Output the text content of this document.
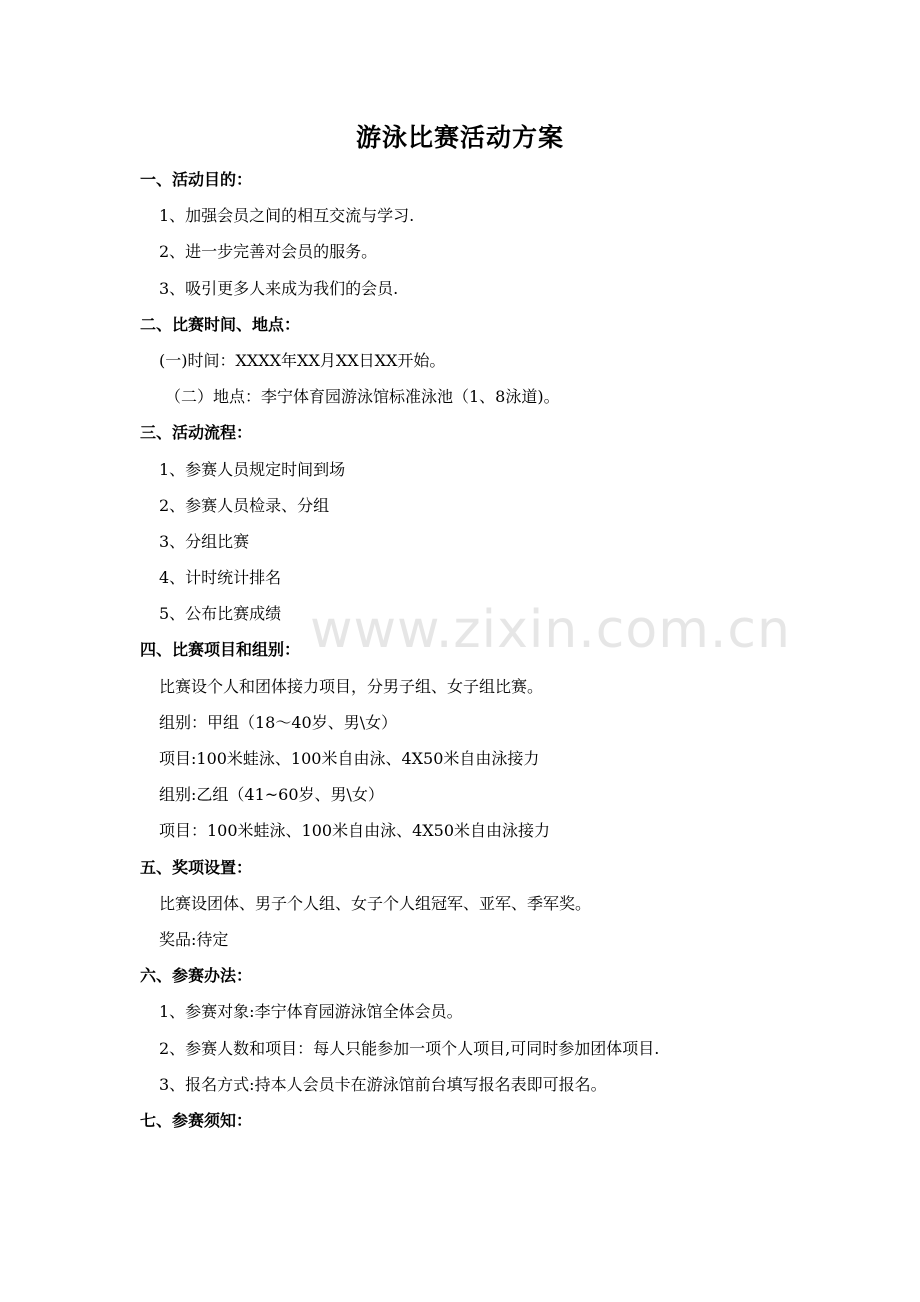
www.zixin.com.cn
游泳比赛活动方案
一、活动目的：
1、加强会员之间的相互交流与学习.
2、进一步完善对会员的服务。
3、吸引更多人来成为我们的会员.
二、比赛时间、地点：
(一)时间：XXXX年XX月XX日XX开始。
（二）地点：李宁体育园游泳馆标准泳池（1、8泳道)。
三、活动流程：
1、参赛人员规定时间到场
2、参赛人员检录、分组
3、分组比赛
4、计时统计排名
5、公布比赛成绩
四、比赛项目和组别：
比赛设个人和团体接力项目，分男子组、女子组比赛。
组别：甲组（18～40岁、男\女）
项目:100米蛙泳、100米自由泳、4X50米自由泳接力
组别:乙组（41~60岁、男\女）
项目：100米蛙泳、100米自由泳、4X50米自由泳接力
五、奖项设置：
比赛设团体、男子个人组、女子个人组冠军、亚军、季军奖。
奖品:待定
六、参赛办法：
1、参赛对象:李宁体育园游泳馆全体会员。
2、参赛人数和项目：每人只能参加一项个人项目,可同时参加团体项目.
3、报名方式:持本人会员卡在游泳馆前台填写报名表即可报名。
七、参赛须知：
